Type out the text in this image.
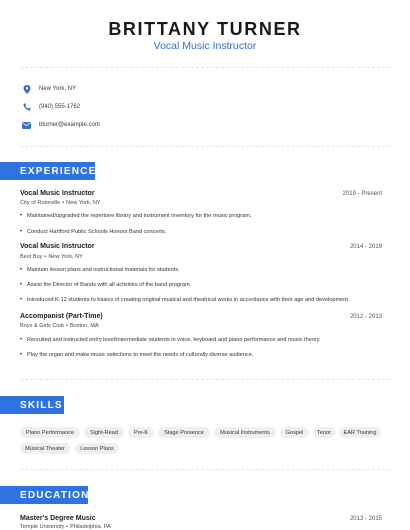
BRITTANY TURNER
Vocal Music Instructor
New York, NY
(940) 555-1762
bturner@example.com
EXPERIENCE
Vocal Music Instructor	2019 - Present
City of Roseville • New York, NY
• Maintained/upgraded the repertoire library and instrument inventory for the music program.
• Conduct Hartford Public Schools Honors Band concerts.
Vocal Music Instructor	2014 - 2019
Best Buy • New York, NY
• Maintain lesson plans and instructional materials for students.
• Assist the Director of Bands with all activities of the band program.
• Introduced K-12 students to basics of creating original musical and theatrical works in accordance with their age and development.
Accompanist (Part-Time)	2012 - 2013
Boys & Girls Club • Boston, MA
• Recruited and instructed entry level/intermediate students in voice, keyboard and piano performance and music theory.
• Play the organ and make music selections to meet the needs of culturally diverse audience.
SKILLS
Piano Performance	Sight-Read	Pre-K	Stage Presence	Musical Instruments	Gospel	Tenor	EAR Training
Musical Theater	Lesson Plans
EDUCATION
Master's Degree Music	2013 - 2015
Temple University • Philadelphia, PA
